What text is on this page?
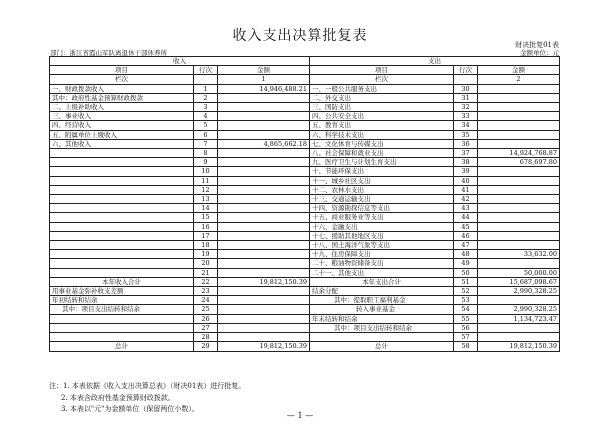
收入支出决算批复表
财决批复01表
部门：浙江省霞山军队离退休干部休养所	金额单位：元
收入			支出		
项目	行次	金额	项目	行次	金额
栏次		1	栏次		2
一、财政拨款收入	1	14,946,488.21	一、一般公共服务支出	30	
其中：政府性基金预算财政拨款	2		二、外交支出	31	
二、上级补助收入	3		三、国防支出	32	
三、事业收入	4		四、公共安全支出	33	
四、经营收入	5		五、教育支出	34	
五、附属单位上缴收入	6		六、科学技术支出	35	
六、其他收入	7	4,865,662.18	七、文化体育与传媒支出	36	
	8		八、社会保障和就业支出	37	14,924,768.87
	9		九、医疗卫生与计划生育支出	38	678,697.80
	10		十、节能环保支出	39	
	11		十一、城乡社区支出	40	
	12		十二、农林水支出	41	
	13		十三、交通运输支出	42	
	14		十四、资源勘探信息等支出	43	
	15		十五、商业服务业等支出	44	
	16		十六、金融支出	45	
	17		十七、援助其他地区支出	46	
	18		十八、国土海洋气象等支出	47	
	19		十九、住房保障支出	48	33,632.00
	20		二十、粮油物资储备支出	49	
	21		二十一、其他支出	50	50,000.00
本年收入合计	22	19,812,150.39	本年支出合计	51	15,687,098.67
用事业基金弥补收支差额	23		结余分配	52	2,990,328.25
年初结转和结余	24		其中：提取职工福利基金	53	
其中：项目支出结转和结余	25		转入事业基金	54	2,990,328.25
	26		年末结转和结余	55	1,134,723.47
	27		其中：项目支出结转和结余	56	
	28			57	
总计	29	19,812,150.39	总计	58	19,812,150.39
注：1. 本表依据《收入支出决算总表》（财决01表）进行批复。
2. 本表含政府性基金预算财政拨款。
3. 本表以"元"为金额单位（保留两位小数）。
— 1 —
